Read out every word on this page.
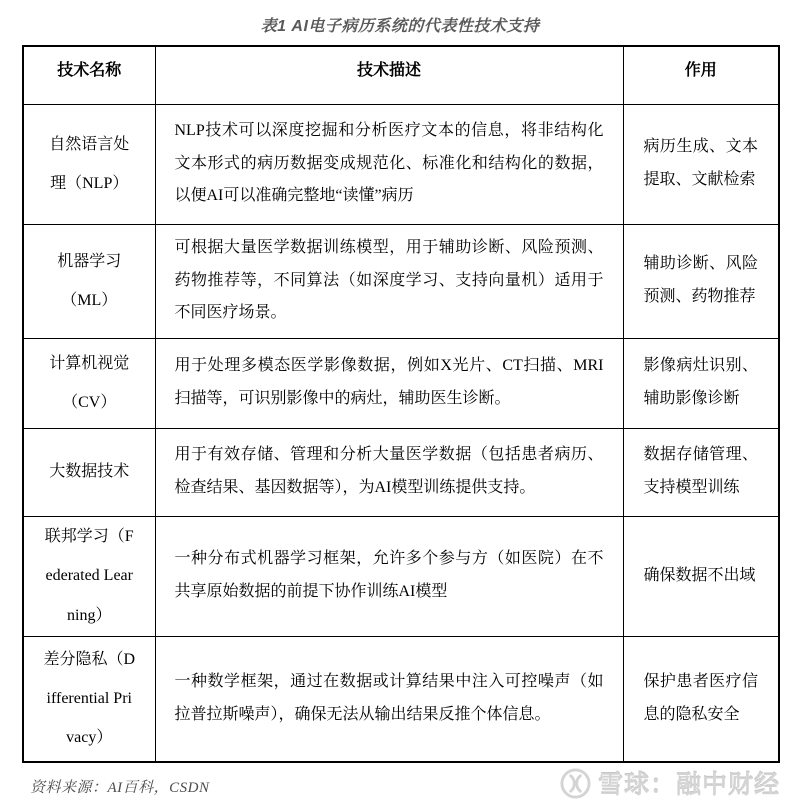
表1 AI电子病历系统的代表性技术支持
技术名称	技术描述	作用
自然语言处理（NLP）	NLP技术可以深度挖掘和分析医疗文本的信息，将非结构化文本形式的病历数据变成规范化、标准化和结构化的数据，以便AI可以准确完整地“读懂”病历	病历生成、文本提取、文献检索
机器学习（ML）	可根据大量医学数据训练模型，用于辅助诊断、风险预测、药物推荐等，不同算法（如深度学习、支持向量机）适用于不同医疗场景。	辅助诊断、风险预测、药物推荐
计算机视觉（CV）	用于处理多模态医学影像数据，例如X光片、CT扫描、MRI扫描等，可识别影像中的病灶，辅助医生诊断。	影像病灶识别、辅助影像诊断
大数据技术	用于有效存储、管理和分析大量医学数据（包括患者病历、检查结果、基因数据等），为AI模型训练提供支持。	数据存储管理、支持模型训练
联邦学习（Federated Learning）	一种分布式机器学习框架，允许多个参与方（如医院）在不共享原始数据的前提下协作训练AI模型	确保数据不出域
差分隐私（Differential Privacy）	一种数学框架，通过在数据或计算结果中注入可控噪声（如拉普拉斯噪声），确保无法从输出结果反推个体信息。	保护患者医疗信息的隐私安全
资料来源：AI百科，CSDN	雪球：融中财经
